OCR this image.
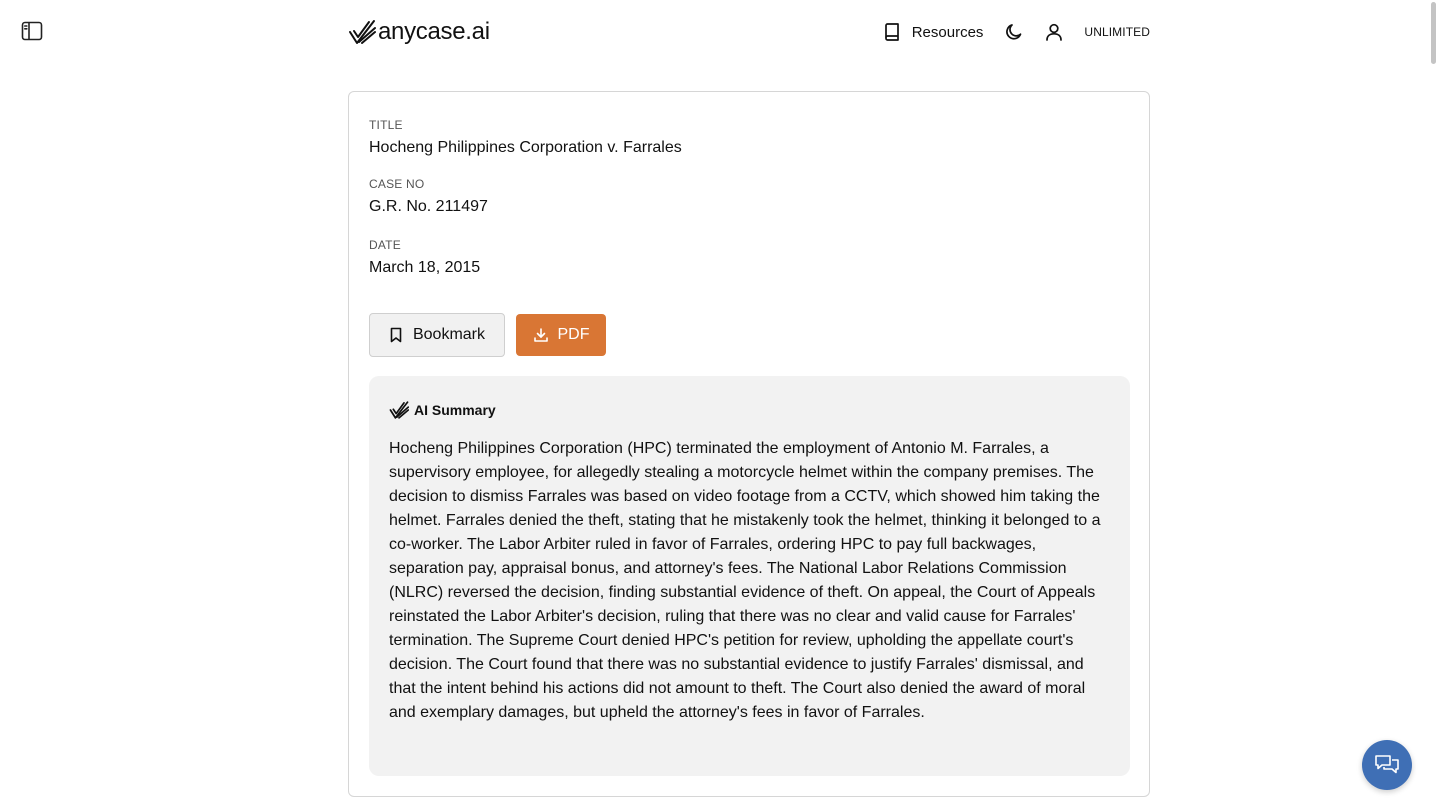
anycase.ai	Resources	UNLIMITED
TITLE
Hocheng Philippines Corporation v. Farrales
CASE NO
G.R. No. 211497
DATE
March 18, 2015
Bookmark	PDF
AI Summary
Hocheng Philippines Corporation (HPC) terminated the employment of Antonio M. Farrales, a supervisory employee, for allegedly stealing a motorcycle helmet within the company premises. The decision to dismiss Farrales was based on video footage from a CCTV, which showed him taking the helmet. Farrales denied the theft, stating that he mistakenly took the helmet, thinking it belonged to a co-worker. The Labor Arbiter ruled in favor of Farrales, ordering HPC to pay full backwages, separation pay, appraisal bonus, and attorney's fees. The National Labor Relations Commission (NLRC) reversed the decision, finding substantial evidence of theft. On appeal, the Court of Appeals reinstated the Labor Arbiter's decision, ruling that there was no clear and valid cause for Farrales' termination. The Supreme Court denied HPC's petition for review, upholding the appellate court's decision. The Court found that there was no substantial evidence to justify Farrales' dismissal, and that the intent behind his actions did not amount to theft. The Court also denied the award of moral and exemplary damages, but upheld the attorney's fees in favor of Farrales.
